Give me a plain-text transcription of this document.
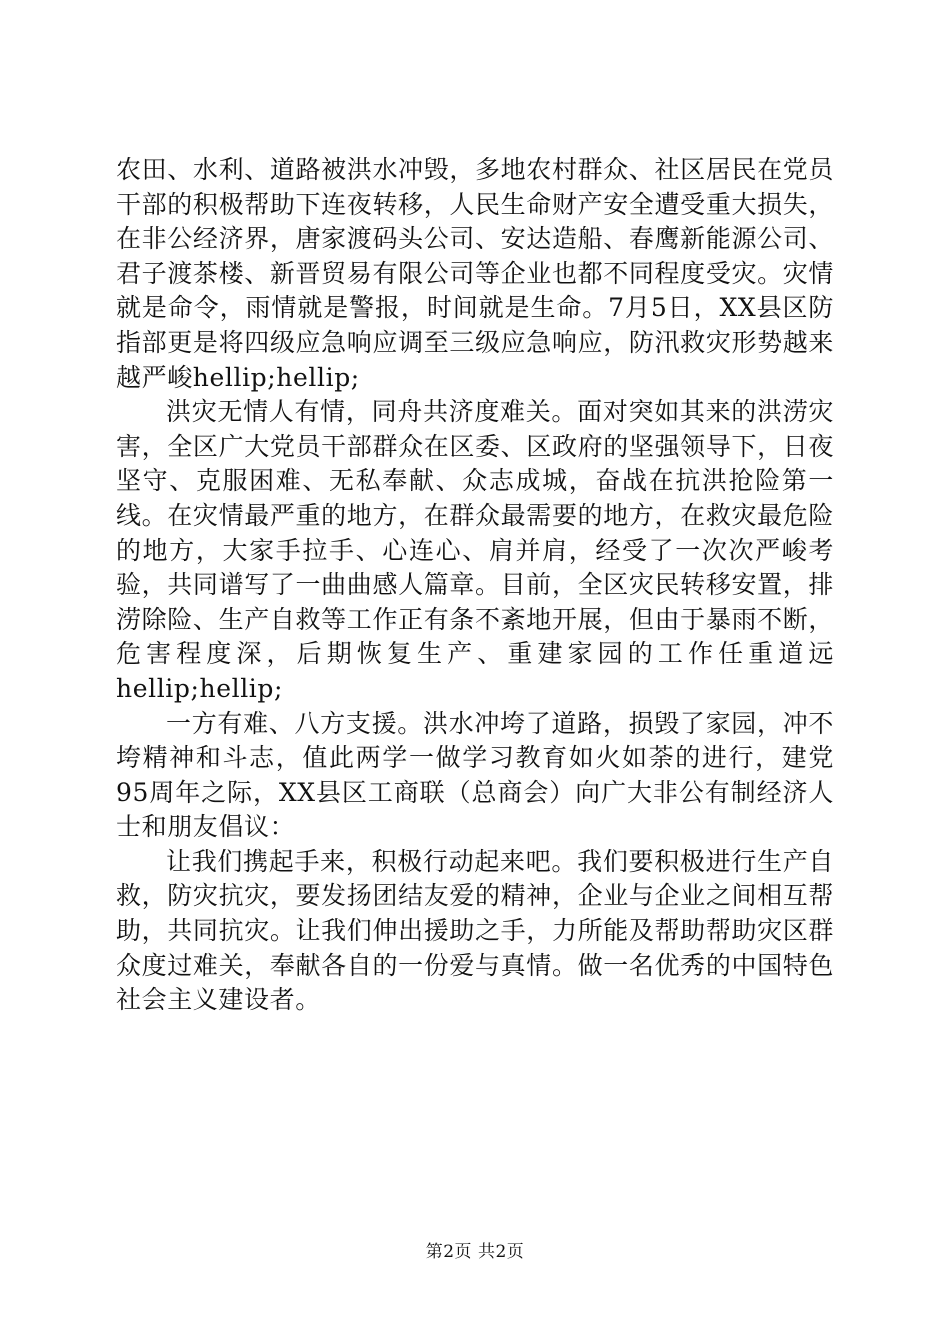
农田、水利、道路被洪水冲毁，多地农村群众、社区居民在党员干部的积极帮助下连夜转移，人民生命财产安全遭受重大损失，在非公经济界，唐家渡码头公司、安达造船、春鹰新能源公司、君子渡茶楼、新晋贸易有限公司等企业也都不同程度受灾。灾情就是命令，雨情就是警报，时间就是生命。7月5日，XX县区防指部更是将四级应急响应调至三级应急响应，防汛救灾形势越来越严峻hellip;hellip;

洪灾无情人有情，同舟共济度难关。面对突如其来的洪涝灾害，全区广大党员干部群众在区委、区政府的坚强领导下，日夜坚守、克服困难、无私奉献、众志成城，奋战在抗洪抢险第一线。在灾情最严重的地方，在群众最需要的地方，在救灾最危险的地方，大家手拉手、心连心、肩并肩，经受了一次次严峻考验，共同谱写了一曲曲感人篇章。目前，全区灾民转移安置，排涝除险、生产自救等工作正有条不紊地开展，但由于暴雨不断，危害程度深，后期恢复生产、重建家园的工作任重道远hellip;hellip;

一方有难、八方支援。洪水冲垮了道路，损毁了家园，冲不垮精神和斗志，值此两学一做学习教育如火如荼的进行，建党95周年之际，XX县区工商联（总商会）向广大非公有制经济人士和朋友倡议：

让我们携起手来，积极行动起来吧。我们要积极进行生产自救，防灾抗灾，要发扬团结友爱的精神，企业与企业之间相互帮助，共同抗灾。让我们伸出援助之手，力所能及帮助帮助灾区群众度过难关，奉献各自的一份爱与真情。做一名优秀的中国特色社会主义建设者。

第2页 共2页
